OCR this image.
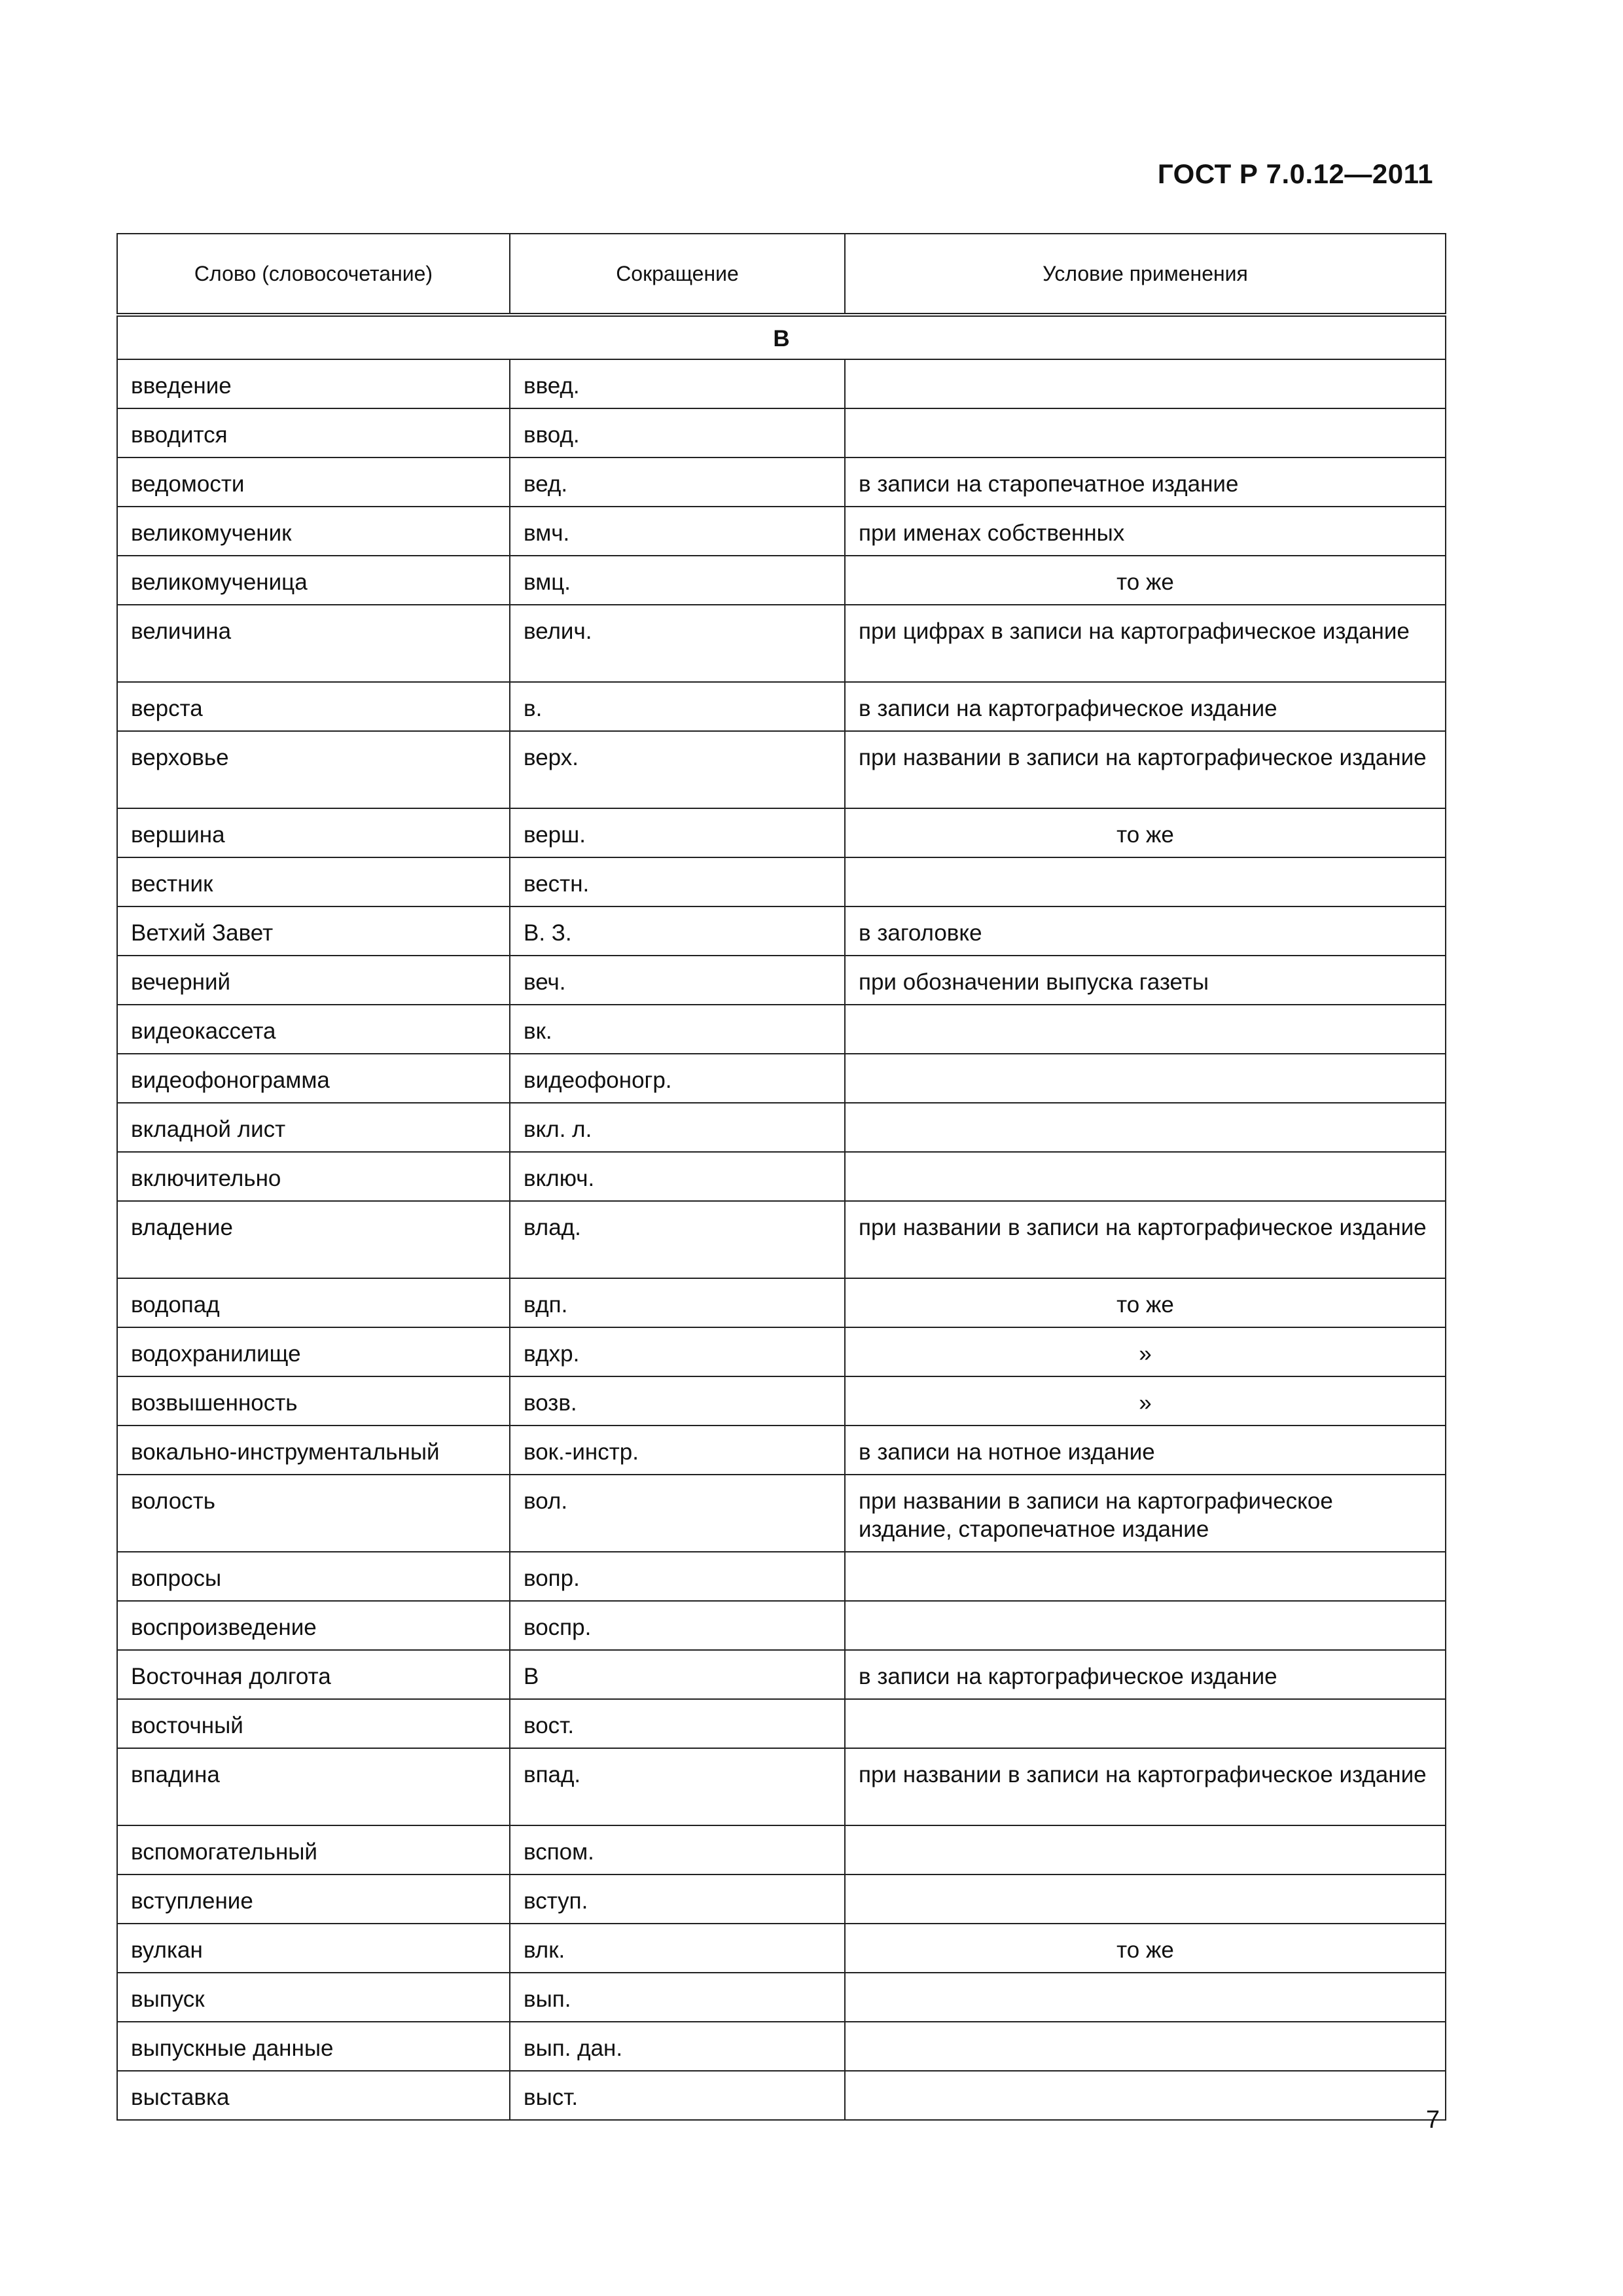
ГОСТ Р 7.0.12—2011
Слово (словосочетание)	Сокращение	Условие применения
В		
введение	введ.	
вводится	ввод.	
ведомости	вед.	в записи на старопечатное издание
великомученик	вмч.	при именах собственных
великомученица	вмц.	то же
величина	велич.	при цифрах в записи на картографическое издание
верста	в.	в записи на картографическое издание
верховье	верх.	при названии в записи на картографическое издание
вершина	верш.	то же
вестник	вестн.	
Ветхий Завет	В. З.	в заголовке
вечерний	веч.	при обозначении выпуска газеты
видеокассета	вк.	
видеофонограмма	видеофоногр.	
вкладной лист	вкл. л.	
включительно	включ.	
владение	влад.	при названии в записи на картографическое издание
водопад	вдп.	то же
водохранилище	вдхр.	»
возвышенность	возв.	»
вокально-инструментальный	вок.-инстр.	в записи на нотное издание
волость	вол.	при названии в записи на картографическое издание, старопечатное издание
вопросы	вопр.	
воспроизведение	воспр.	
Восточная долгота	В	в записи на картографическое издание
восточный	вост.	
впадина	впад.	при названии в записи на картографическое издание
вспомогательный	вспом.	
вступление	вступ.	
вулкан	влк.	то же
выпуск	вып.	
выпускные данные	вып. дан.	
выставка	выст.	
7
